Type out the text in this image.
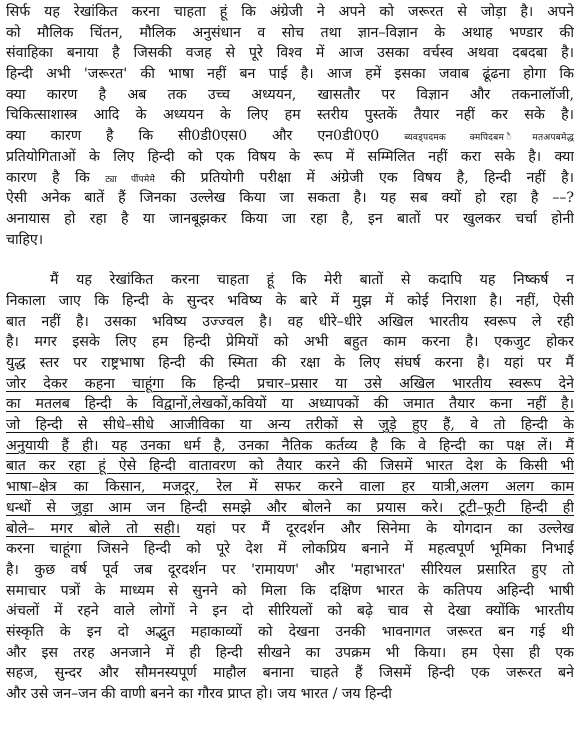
सिर्फ यह रेखांकित करना चाहता हूं कि अंग्रेजी ने अपने को जरूरत से जोड़ा है। अपने
को मौलिक चिंतन, मौलिक अनुसंधान व सोच तथा ज्ञान–विज्ञान के अथाह भण्डार की
संवाहिका बनाया है जिसकी वजह से पूरे विश्व में आज उसका वर्चस्व अथवा दबदबा है।
हिन्दी अभी 'जरूरत' की भाषा नहीं बन पाई है। आज हमें इसका जवाब ढूंढना होगा कि
क्या कारण है अब तक उच्च अध्ययन, खासतौर पर विज्ञान और तकनालॉजी,
चिकित्साशास्त्र आदि के अध्ययन के लिए हम स्तरीय पुस्तकें तैयार नहीं कर सके है।
क्या कारण है कि सी0डी0एस0 और एन0डी0ए0 ब्यवड्पदमक क्मपिदबम ैमतअपबमेद्ध
प्रतियोगिताओं के लिए हिन्दी को एक विषय के रूप में सम्मिलित नहीं करा सके है। क्या
कारण है कि ट्या र्पीपमेमेे की प्रतियोगी परीक्षा में अंग्रेजी एक विषय है, हिन्दी नहीं है।
ऐसी अनेक बातें हैं जिनका उल्लेख किया जा सकता है। यह सब क्यों हो रहा है ––?
अनायास हो रहा है या जानबूझकर किया जा रहा है, इन बातों पर खुलकर चर्चा होनी
चाहिए।
मैं यह रेखांकित करना चाहता हूं कि मेरी बातों से कदापि यह निष्कर्ष न
निकाला जाए कि हिन्दी के सुन्दर भविष्य के बारे में मुझ में कोई निराशा है। नहीं, ऐसी
बात नहीं है। उसका भविष्य उज्ज्वल है। वह धीरे–धीरे अखिल भारतीय स्वरूप ले रही
है। मगर इसके लिए हम हिन्दी प्रेमियों को अभी बहुत काम करना है। एकजुट होकर
युद्ध स्तर पर राष्ट्रभाषा हिन्दी की स्मिता की रक्षा के लिए संघर्ष करना है। यहां पर मैं
जोर देकर कहना चाहूंगा कि हिन्दी प्रचार–प्रसार या उसे अखिल भारतीय स्वरूप देने
का मतलब हिन्दी के विद्वानों,लेखकों,कवियों या अध्यापकों की जमात तैयार कना नहीं है।
जो हिन्दी से सीधे–सीधे आजीविका या अन्य तरीकों से जुड़े हुए हैं, वे तो हिन्दी के
अनुयायी हैं ही। यह उनका धर्म है, उनका नैतिक कर्तव्य है कि वे हिन्दी का पक्ष लें। मैं
बात कर रहा हूं ऐसे हिन्दी वातावरण को तैयार करने की जिसमें भारत देश के किसी भी
भाषा–क्षेत्र का किसान, मजदूर, रेल में सफर करने वाला हर यात्री,अलग अलग काम
धन्धों से जुड़ा आम जन हिन्दी समझे और बोलने का प्रयास करे। टूटी–फूटी हिन्दी ही
बोले– मगर बोले तो सही। यहां पर मैं दूरदर्शन और सिनेमा के योगदान का उल्लेख
करना चाहूंगा जिसने हिन्दी को पूरे देश में लोकप्रिय बनाने में महत्वपूर्ण भूमिका निभाई
है। कुछ वर्ष पूर्व जब दूरदर्शन पर 'रामायण' और 'महाभारत' सीरियल प्रसारित हुए तो
समाचार पत्रों के माध्यम से सुनने को मिला कि दक्षिण भारत के कतिपय अहिन्दी भाषी
अंचलों में रहने वाले लोगों ने इन दो सीरियलों को बढ़े चाव से देखा क्योंकि भारतीय
संस्कृति के इन दो अद्भुत महाकाव्यों को देखना उनकी भावनागत जरूरत बन गई थी
और इस तरह अनजाने में ही हिन्दी सीखने का उपक्रम भी किया। हम ऐसा ही एक
सहज, सुन्दर और सौमनस्यपूर्ण माहौल बनाना चाहते हैं जिसमें हिन्दी एक जरूरत बने
और उसे जन–जन की वाणी बनने का गौरव प्राप्त हो। जय भारत / जय हिन्दी
